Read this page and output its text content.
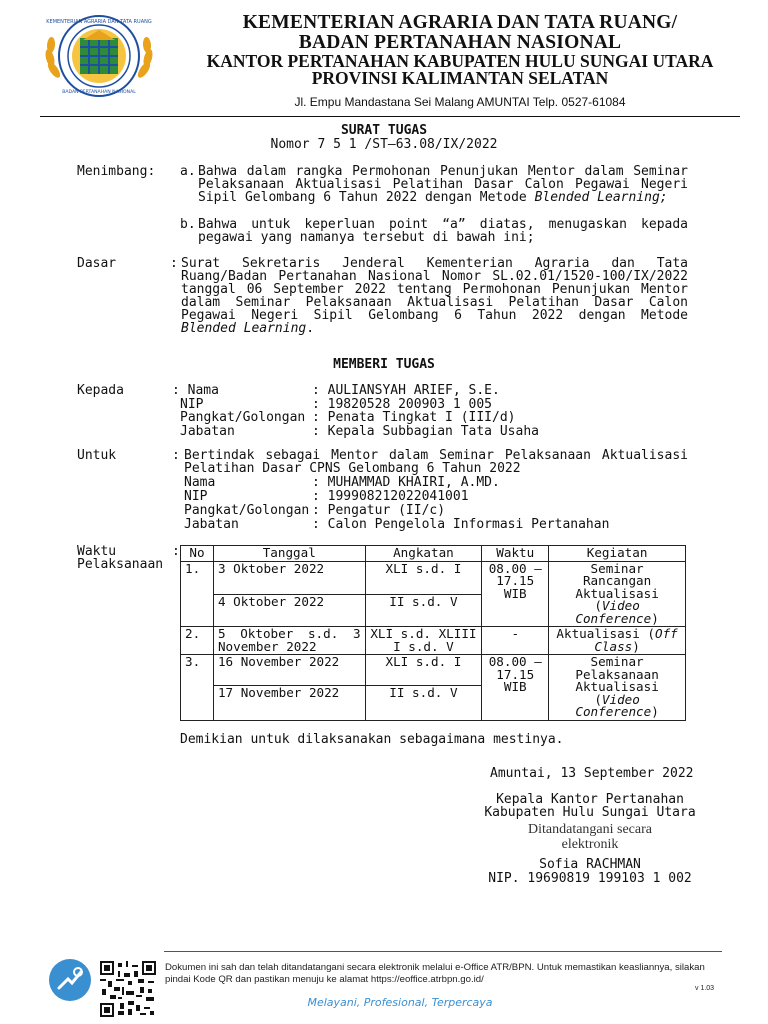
KEMENTERIAN AGRARIA DAN TATA RUANG
BADAN PERTANAHAN NASIONAL
KEMENTERIAN AGRARIA DAN TATA RUANG/
BADAN PERTANAHAN NASIONAL
KANTOR PERTANAHAN KABUPATEN HULU SUNGAI UTARA
PROVINSI KALIMANTAN SELATAN
Jl. Empu Mandastana Sei Malang AMUNTAI Telp. 0527-61084
SURAT TUGAS
Nomor 7 5 1 /ST–63.08/IX/2022
Menimbang: a. Bahwa dalam rangka Permohonan Penunjukan Mentor dalam Seminar Pelaksanaan Aktualisasi Pelatihan Dasar Calon Pegawai Negeri Sipil Gelombang 6 Tahun 2022 dengan Metode Blended Learning;
b. Bahwa untuk keperluan point “a” diatas, menugaskan kepada pegawai yang namanya tersebut di bawah ini;
Dasar	: Surat Sekretaris Jenderal Kementerian Agraria dan Tata Ruang/Badan Pertanahan Nasional Nomor SL.02.01/1520-100/IX/2022 tanggal 06 September 2022 tentang Permohonan Penunjukan Mentor dalam Seminar Pelaksanaan Aktualisasi Pelatihan Dasar Calon Pegawai Negeri Sipil Gelombang 6 Tahun 2022 dengan Metode Blended Learning.
MEMBERI TUGAS
Kepada	: Nama	: AULIANSYAH ARIEF, S.E.
NIP	: 19820528 200903 1 005
Pangkat/Golongan : Penata Tingkat I (III/d)
Jabatan	: Kepala Subbagian Tata Usaha
Untuk	: Bertindak sebagai Mentor dalam Seminar Pelaksanaan Aktualisasi Pelatihan Dasar CPNS Gelombang 6 Tahun 2022
Nama	: MUHAMMAD KHAIRI, A.MD.
NIP	: 199908212022041001
Pangkat/Golongan : Pengatur (II/c)
Jabatan	: Calon Pengelola Informasi Pertanahan
Waktu
Pelaksanaan
: No	Tanggal	Angkatan	Waktu	Kegiatan
1.	3 Oktober 2022	XLI s.d. I	08.00 – 17.15 WIB	Seminar Rancangan Aktualisasi (Video Conference)
	4 Oktober 2022	II s.d. V		
2.	5 Oktober s.d. 3 November 2022	XLI s.d. XLIII I s.d. V	-	Aktualisasi (Off Class)
3.	16 November 2022	XLI s.d. I	08.00 – 17.15 WIB	Seminar Pelaksanaan Aktualisasi (Video Conference)
	17 November 2022	II s.d. V		
Demikian untuk dilaksanakan sebagaimana mestinya.
Amuntai, 13 September 2022
Kepala Kantor Pertanahan
Kabupaten Hulu Sungai Utara
Ditandatangani secara
elektronik
Sofia RACHMAN
NIP. 19690819 199103 1 002
Dokumen ini sah dan telah ditandatangani secara elektronik melalui e-Office ATR/BPN. Untuk memastikan keasliannya, silakan pindai Kode QR dan pastikan menuju ke alamat https://eoffice.atrbpn.go.id/
v 1.03
Melayani, Profesional, Terpercaya
